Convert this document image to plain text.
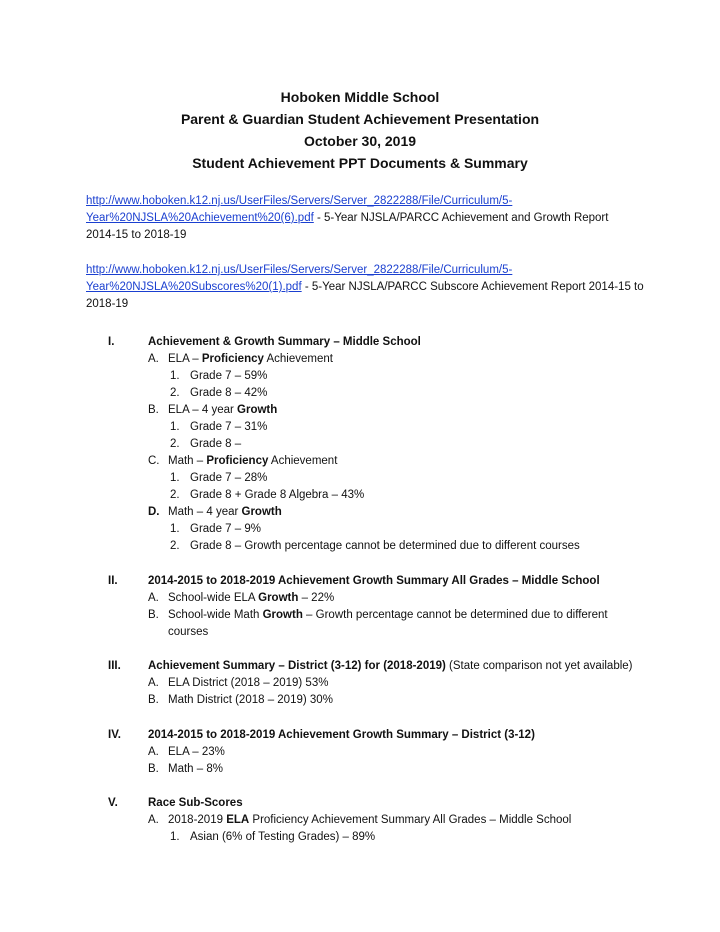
Hoboken Middle School
Parent & Guardian Student Achievement Presentation
October 30, 2019
Student Achievement PPT Documents & Summary
http://www.hoboken.k12.nj.us/UserFiles/Servers/Server_2822288/File/Curriculum/5-
Year%20NJSLA%20Achievement%20(6).pdf - 5-Year NJSLA/PARCC Achievement and Growth Report
2014-15 to 2018-19
http://www.hoboken.k12.nj.us/UserFiles/Servers/Server_2822288/File/Curriculum/5-
Year%20NJSLA%20Subscores%20(1).pdf - 5-Year NJSLA/PARCC Subscore Achievement Report 2014-15 to
2018-19
I.	Achievement & Growth Summary – Middle School
A. ELA – Proficiency Achievement
1. Grade 7 – 59%
2. Grade 8 – 42%
B. ELA – 4 year Growth
1. Grade 7 – 31%
2. Grade 8 –
C. Math – Proficiency Achievement
1. Grade 7 – 28%
2. Grade 8 + Grade 8 Algebra – 43%
D. Math – 4 year Growth
1. Grade 7 – 9%
2. Grade 8 – Growth percentage cannot be determined due to different courses
II.	2014-2015 to 2018-2019 Achievement Growth Summary All Grades – Middle School
A. School-wide ELA Growth – 22%
B. School-wide Math Growth – Growth percentage cannot be determined due to different
courses
III.	Achievement Summary – District (3-12) for (2018-2019) (State comparison not yet available)
A. ELA District (2018 – 2019) 53%
B. Math District (2018 – 2019) 30%
IV.	2014-2015 to 2018-2019 Achievement Growth Summary – District (3-12)
A. ELA – 23%
B. Math – 8%
V.	Race Sub-Scores
A. 2018-2019 ELA Proficiency Achievement Summary All Grades – Middle School
1. Asian (6% of Testing Grades) – 89%
